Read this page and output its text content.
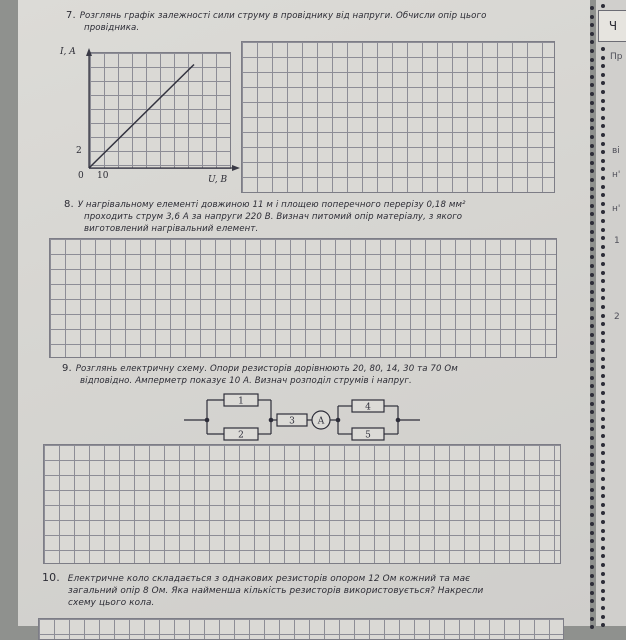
Ч
Пр
ві
н'
н'
1
2
7. Розглянь графік залежності сили струму в провіднику від напруги. Обчисли опір цього
провідника.
I, A
U, B
0 10
2
8. У нагрівальному елементі довжиною 11 м і площею поперечного перерізу 0,18 мм²
проходить струм 3,6 А за напруги 220 В. Визнач питомий опір матеріалу, з якого
виготовлений нагрівальний елемент.
9. Розглянь електричну схему. Опори резисторів дорівнюють 20, 80, 14, 30 та 70 Ом
відповідно. Амперметр показує 10 А. Визнач розподіл струмів і напруг.
1
2
3	A
4
5
10. Електричне коло складається з однакових резисторів опором 12 Ом кожний та має
загальний опір 8 Ом. Яка найменша кількість резисторів використовується? Накресли
схему цього кола.
